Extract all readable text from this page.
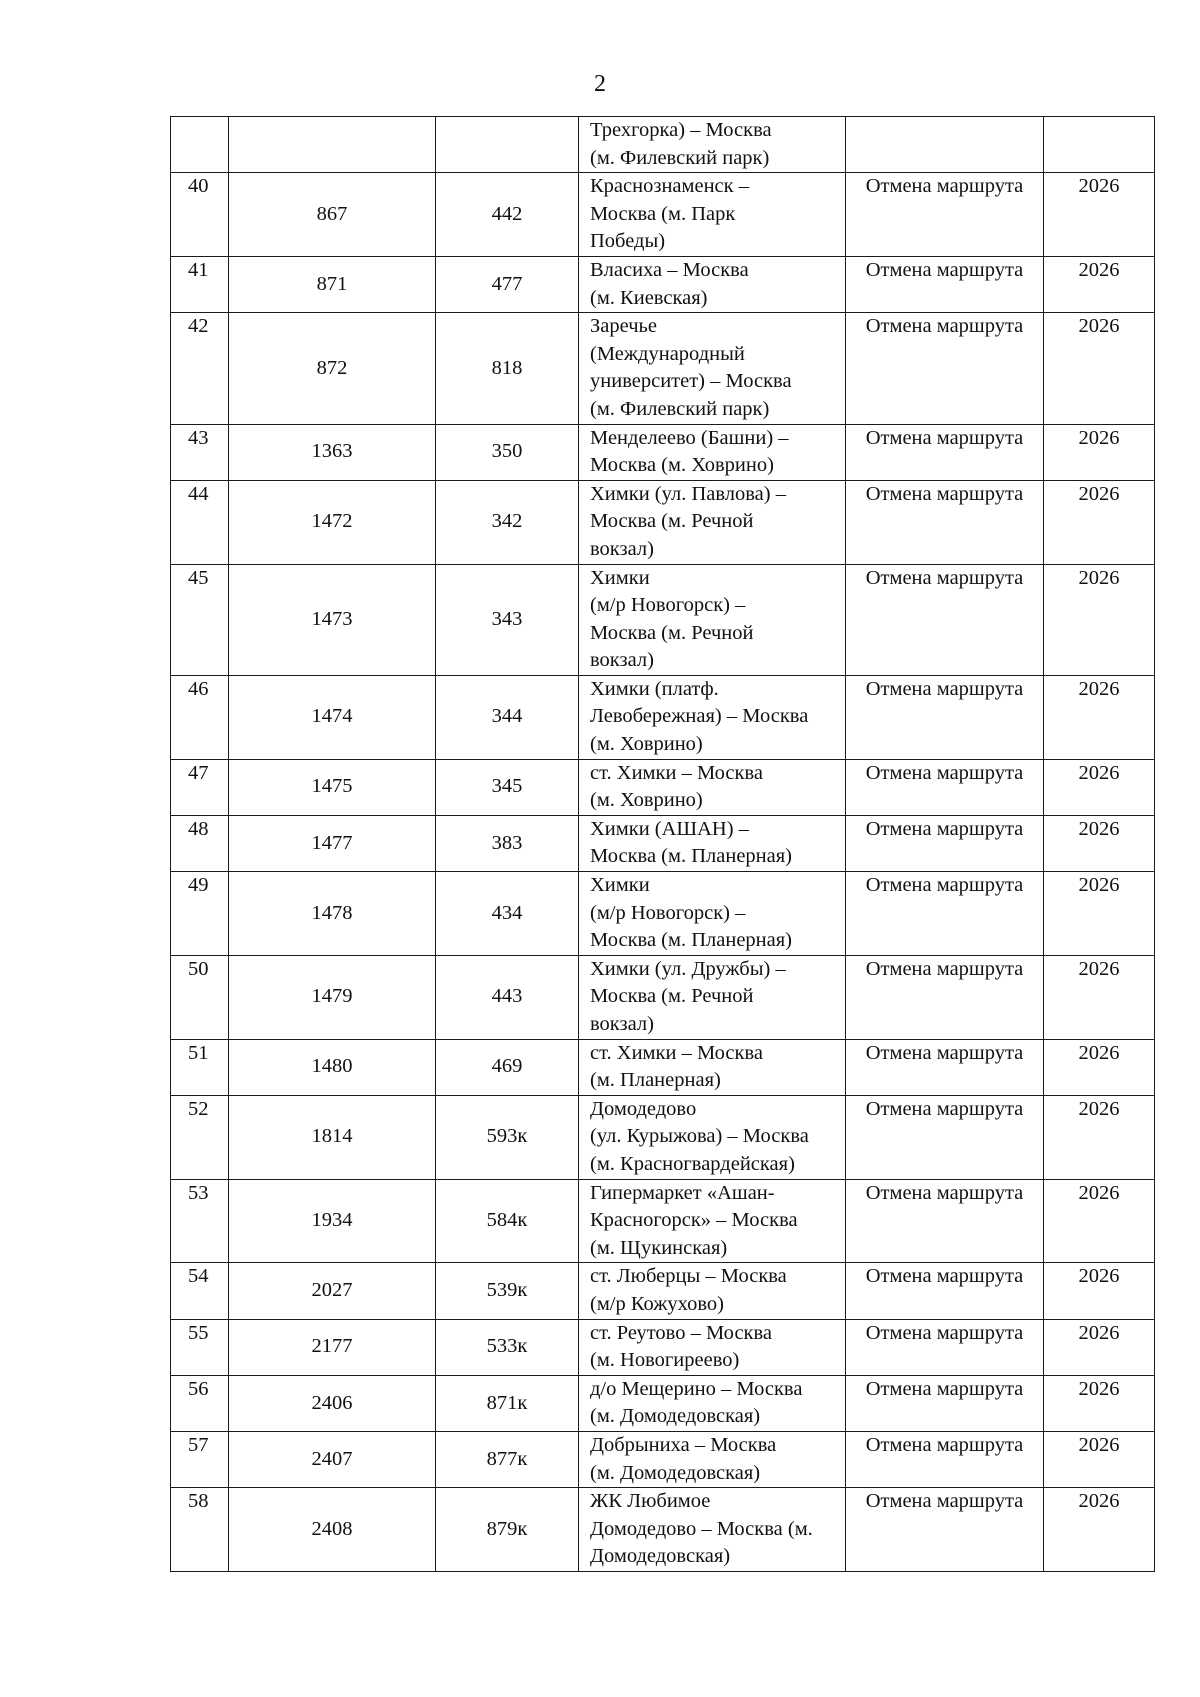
2

			Трехгорка) – Москва
(м. Филевский парк)		

40	867	442	Краснознаменск –
Москва (м. Парк
Победы)	Отмена маршрута	2026
41	871	477	Власиха – Москва
(м. Киевская)	Отмена маршрута	2026
42	872	818	Заречье
(Международный
университет) – Москва
(м. Филевский парк)	Отмена маршрута	2026
43	1363	350	Менделеево (Башни) –
Москва (м. Ховрино)	Отмена маршрута	2026
44	1472	342	Химки (ул. Павлова) –
Москва (м. Речной
вокзал)	Отмена маршрута	2026
45	1473	343	Химки
(м/р Новогорск) –
Москва (м. Речной
вокзал)	Отмена маршрута	2026
46	1474	344	Химки (платф.
Левобережная) – Москва
(м. Ховрино)	Отмена маршрута	2026
47	1475	345	ст. Химки – Москва
(м. Ховрино)	Отмена маршрута	2026
48	1477	383	Химки (АШАН) –
Москва (м. Планерная)	Отмена маршрута	2026
49	1478	434	Химки
(м/р Новогорск) –
Москва (м. Планерная)	Отмена маршрута	2026
50	1479	443	Химки (ул. Дружбы) –
Москва (м. Речной
вокзал)	Отмена маршрута	2026
51	1480	469	ст. Химки – Москва
(м. Планерная)	Отмена маршрута	2026
52	1814	593к	Домодедово
(ул. Курыжова) – Москва
(м. Красногвардейская)	Отмена маршрута	2026
53	1934	584к	Гипермаркет «Ашан-
Красногорск» – Москва
(м. Щукинская)	Отмена маршрута	2026
54	2027	539к	ст. Люберцы – Москва
(м/р Кожухово)	Отмена маршрута	2026
55	2177	533к	ст. Реутово – Москва
(м. Новогиреево)	Отмена маршрута	2026
56	2406	871к	д/о Мещерино – Москва
(м. Домодедовская)	Отмена маршрута	2026
57	2407	877к	Добрыниха – Москва
(м. Домодедовская)	Отмена маршрута	2026
58	2408	879к	ЖК Любимое
Домодедово – Москва (м.
Домодедовская)	Отмена маршрута	2026
